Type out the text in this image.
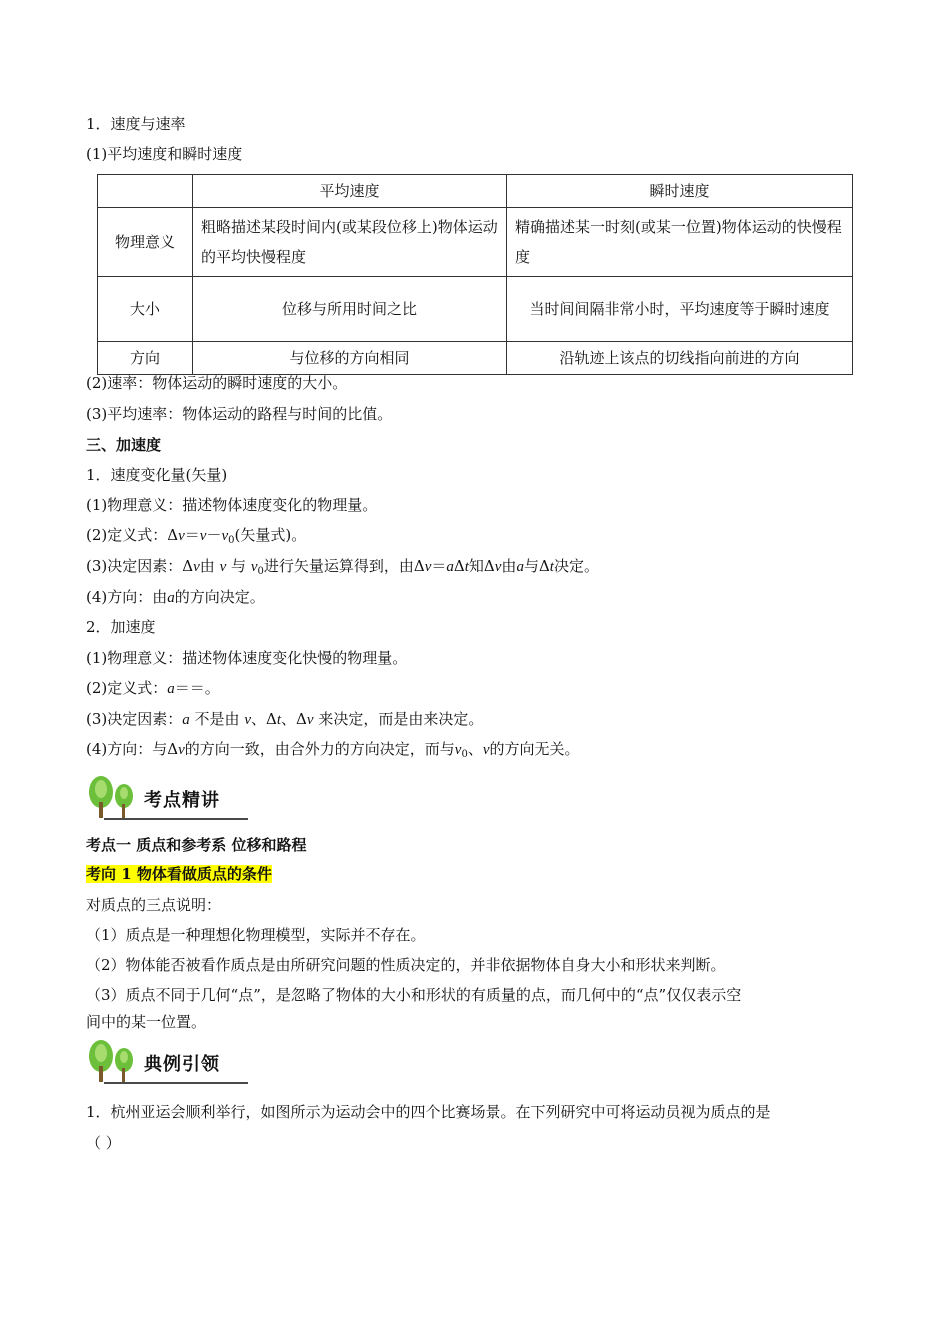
1．速度与速率
(1)平均速度和瞬时速度
	平均速度	瞬时速度
物理意义	粗略描述某段时间内(或某段位移上)物体运动的平均快慢程度	精确描述某一时刻(或某一位置)物体运动的快慢程度
大小	位移与所用时间之比	当时间间隔非常小时，平均速度等于瞬时速度
方向	与位移的方向相同	沿轨迹上该点的切线指向前进的方向
(2)速率：物体运动的瞬时速度的大小。
(3)平均速率：物体运动的路程与时间的比值。
三、加速度
1．速度变化量(矢量)
(1)物理意义：描述物体速度变化的物理量。
(2)定义式：$\Delta v=v-v_0$(矢量式)。
(3)决定因素：Δv由 v 与 $v_0$进行矢量运算得到，由Δv＝aΔt知Δv由a与Δt决定。
(4)方向：由a的方向决定。
2．加速度
(1)物理意义：描述物体速度变化快慢的物理量。
(2)定义式：a＝＝。
(3)决定因素：a 不是由 v、Δt、Δv 来决定，而是由来决定。
(4)方向：与Δv的方向一致，由合外力的方向决定，而与$v_0$、v的方向无关。
考点精讲
考点一 质点和参考系 位移和路程
考向 1 物体看做质点的条件
对质点的三点说明：
（1）质点是一种理想化物理模型，实际并不存在。
（2）物体能否被看作质点是由所研究问题的性质决定的，并非依据物体自身大小和形状来判断。
（3）质点不同于几何“点”，是忽略了物体的大小和形状的有质量的点，而几何中的“点”仅仅表示空
间中的某一位置。
典例引领
1．杭州亚运会顺利举行，如图所示为运动会中的四个比赛场景。在下列研究中可将运动员视为质点的是
（ ）
